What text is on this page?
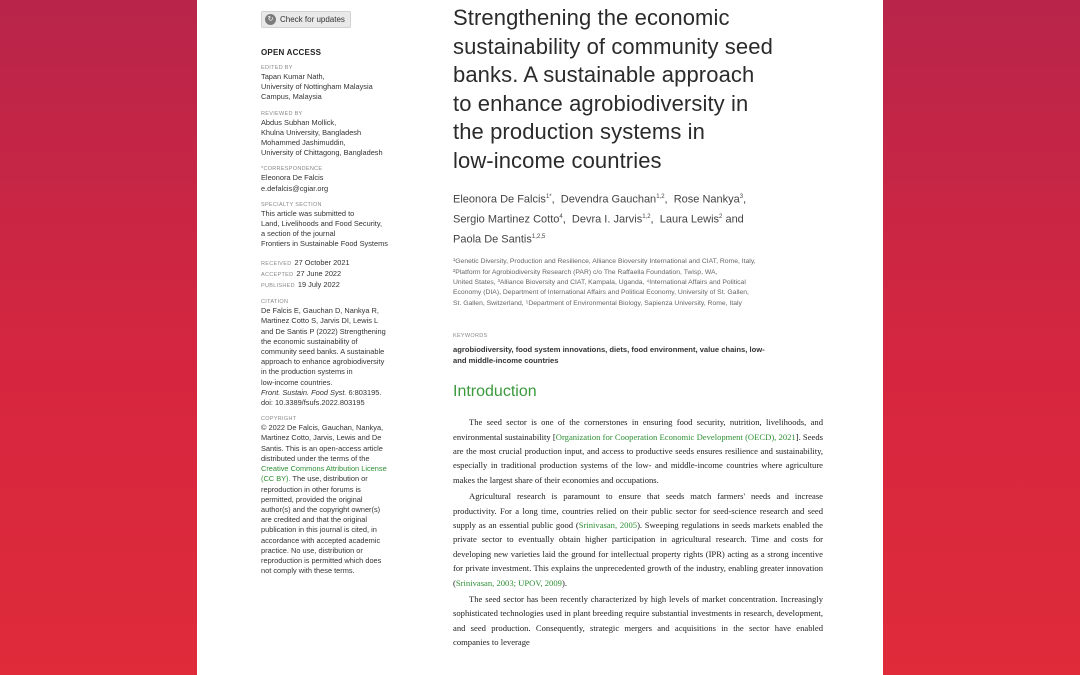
↻ Check for updates
OPEN ACCESS
EDITED BY
Tapan Kumar Nath,
University of Nottingham Malaysia
Campus, Malaysia
REVIEWED BY
Abdus Subhan Mollick,
Khulna University, Bangladesh
Mohammed Jashimuddin,
University of Chittagong, Bangladesh
*CORRESPONDENCE
Eleonora De Falcis
e.defalcis@cgiar.org
SPECIALTY SECTION
This article was submitted to
Land, Livelihoods and Food Security,
a section of the journal
Frontiers in Sustainable Food Systems
RECEIVED 27 October 2021
ACCEPTED 27 June 2022
PUBLISHED 19 July 2022
CITATION
De Falcis E, Gauchan D, Nankya R,
Martinez Cotto S, Jarvis DI, Lewis L
and De Santis P (2022) Strengthening
the economic sustainability of
community seed banks. A sustainable
approach to enhance agrobiodiversity
in the production systems in
low-income countries.
Front. Sustain. Food Syst. 6:803195.
doi: 10.3389/fsufs.2022.803195
COPYRIGHT
© 2022 De Falcis, Gauchan, Nankya,
Martinez Cotto, Jarvis, Lewis and De
Santis. This is an open-access article
distributed under the terms of the
Creative Commons Attribution License
(CC BY). The use, distribution or
reproduction in other forums is
permitted, provided the original
author(s) and the copyright owner(s)
are credited and that the original
publication in this journal is cited, in
accordance with accepted academic
practice. No use, distribution or
reproduction is permitted which does
not comply with these terms.
Strengthening the economic
sustainability of community seed
banks. A sustainable approach
to enhance agrobiodiversity in
the production systems in
low-income countries
Eleonora De Falcis$^{1*}$,  Devendra Gauchan$^{1,2}$,  Rose Nankya$^3$,
Sergio Martinez Cotto$^4$,  Devra I. Jarvis$^{1,2}$,  Laura Lewis$^2$ and
Paola De Santis$^{1,2,5}$
¹Genetic Diversity, Production and Resilience, Alliance Bioversity International and CIAT, Rome, Italy,
²Platform for Agrobiodiversity Research (PAR) c/o The Raffaella Foundation, Twisp, WA,
United States, ³Alliance Bioversity and CIAT, Kampala, Uganda, ⁴International Affairs and Political
Economy (DIA), Department of International Affairs and Political Economy, University of St. Gallen,
St. Gallen, Switzerland, ⁵Department of Environmental Biology, Sapienza University, Rome, Italy
KEYWORDS
agrobiodiversity, food system innovations, diets, food environment, value chains, low-
and middle-income countries
Introduction

The seed sector is one of the cornerstones in ensuring food security, nutrition, livelihoods, and environmental sustainability [Organization for Cooperation Economic Development (OECD), 2021]. Seeds are the most crucial production input, and access to productive seeds ensures resilience and sustainability, especially in traditional production systems of the low- and middle-income countries where agriculture makes the largest share of their economies and occupations.

Agricultural research is paramount to ensure that seeds match farmers' needs and increase productivity. For a long time, countries relied on their public sector for seed-science research and seed supply as an essential public good (Srinivasan, 2005). Sweeping regulations in seeds markets enabled the private sector to eventually obtain higher participation in agricultural research. Time and costs for developing new varieties laid the ground for intellectual property rights (IPR) acting as a strong incentive for private investment. This explains the unprecedented growth of the industry, enabling greater innovation (Srinivasan, 2003; UPOV, 2009).

The seed sector has been recently characterized by high levels of market concentration. Increasingly sophisticated technologies used in plant breeding require substantial investments in research, development, and seed production. Consequently, strategic mergers and acquisitions in the sector have enabled companies to leverage
